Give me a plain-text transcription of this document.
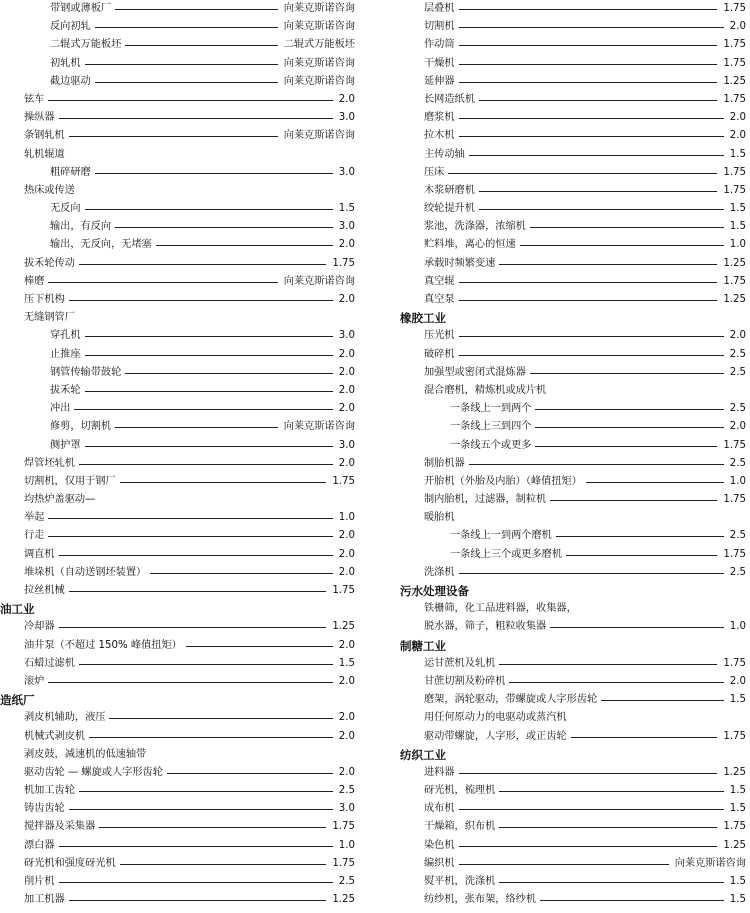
带钢或薄板厂	向莱克斯诺咨询
反向初轧	向莱克斯诺咨询
二辊式万能板坯	二辊式万能板坯
初轧机	向莱克斯诺咨询
截边驱动	向莱克斯诺咨询
铉车	2.0
操纵器	3.0
条钢轧机	向莱克斯诺咨询
轧机辊道
粗碎研磨	3.0
热床或传送
无反向	1.5
输出，有反向	3.0
输出，无反向，无堵塞	2.0
拔禾轮传动	1.75
棒磨	向莱克斯诺咨询
压下机构	2.0
无缝钢管厂
穿孔机	3.0
止推座	2.0
钢管传输带鼓轮	2.0
拔禾轮	2.0
冲出	2.0
修剪，切割机	向莱克斯诺咨询
侧护罩	3.0
焊管坯轧机	2.0
切割机，仅用于钢厂	1.75
均热炉盖驱动—
举起	1.0
行走	2.0
调直机	2.0
堆垛机（自动送钢坯装置）	2.0
拉丝机械	1.75
油工业
冷却器	1.25
油井泵（不超过 150% 峰值扭矩）	2.0
石蜡过滤机	1.5
滚炉	2.0
造纸厂
剥皮机辅助，液压	2.0
机械式剥皮机	2.0
剥皮鼓，减速机的低速轴带
驱动齿轮 — 螺旋或人字形齿轮	2.0
机加工齿轮	2.5
铸齿齿轮	3.0
搅拌器及采集器	1.75
漂白器	1.0
砑光机和强度砑光机	1.75
削片机	2.5
加工机器	1.25
层叠机	1.75
切割机	2.0
作动筒	1.75
干燥机	1.75
延伸器	1.25
长网造纸机	1.75
磨浆机	2.0
拉木机	2.0
主传动轴	1.5
压床	1.75
木浆研磨机	1.75
绞轮提升机	1.5
浆池，洗涤器，浓缩机	1.5
贮料堆，离心的恒速	1.0
承载时频繁变速	1.25
真空辊	1.75
真空泵	1.25
橡胶工业
压光机	2.0
破碎机	2.5
加强型或密闭式混炼器	2.5
混合磨机，精炼机或成片机
一条线上一到两个	2.5
一条线上三到四个	2.0
一条线五个或更多	1.75
制胎机器	2.5
开胎机（外胎及内胎）（峰值扭矩）	1.0
制内胎机，过滤器，制粒机	1.75
暖胎机
一条线上一到两个磨机	2.5
一条线上三个或更多磨机	1.75
洗涤机	2.5
污水处理设备
铁栅筛，化工品进料器，收集器，
脱水器，筛子，粗粒收集器	1.0
制糖工业
运甘蔗机及轧机	1.75
甘蔗切割及粉碎机	2.0
磨架，涡轮驱动，带螺旋或人字形齿轮	1.5
用任何原动力的电驱动或蒸汽机
驱动带螺旋，人字形，或正齿轮	1.75
纺织工业
进料器	1.25
砑光机，梳理机	1.5
成布机	1.5
干燥箱，织布机	1.75
染色机	1.25
编织机	向莱克斯诺咨询
熨平机，洗涤机	1.5
纺纱机，张布架，络纱机	1.5
